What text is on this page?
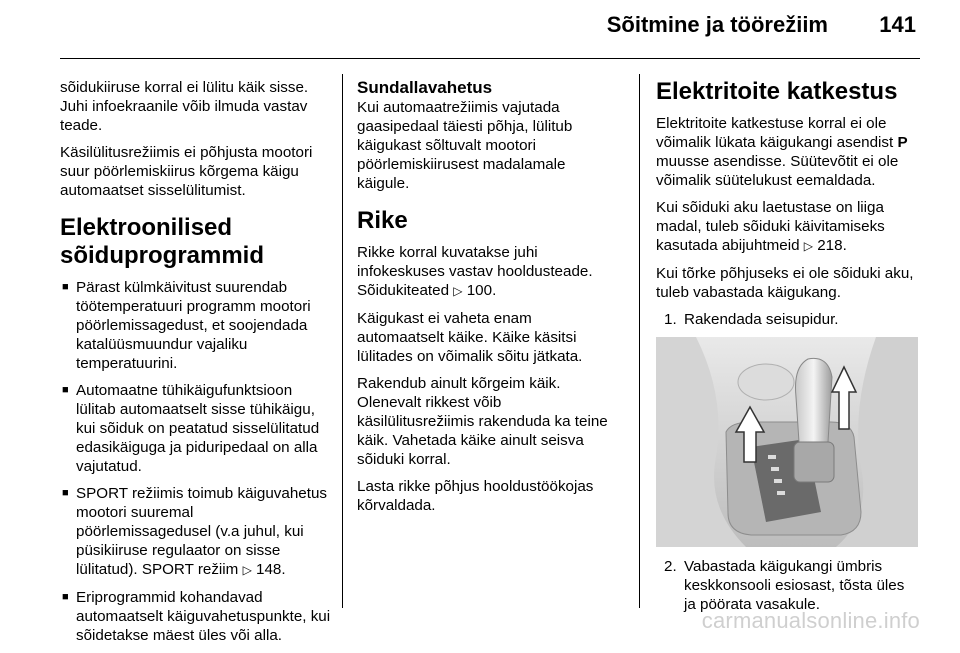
Sõitmine ja töörežiim 141

sõidukiiruse korral ei lülitu käik sisse. Juhi infoekraanile võib ilmuda vastav teade.

Käsilülitusrežiimis ei põhjusta mootori suur pöörlemiskiirus kõrgema käigu automaatset sisselülitumist.

Elektroonilised sõiduprogrammid
■ Pärast külmkäivitust suurendab töötemperatuuri programm mootori pöörlemissagedust, et soojendada katalüüsmuundur vajaliku temperatuurini.
■ Automaatne tühikäigufunktsioon lülitab automaatselt sisse tühikäigu, kui sõiduk on peatatud sisselülitatud edasikäiguga ja piduripedaal on alla vajutatud.
■ SPORT režiimis toimub käiguvahetus mootori suuremal pöörlemissagedusel (v.a juhul, kui püsikiiruse regulaator on sisse lülitatud). SPORT režiim ▷ 148.
■ Eriprogrammid kohandavad automaatselt käiguvahetuspunkte, kui sõidetakse mäest üles või alla.
Sundallavahetus

Kui automaatrežiimis vajutada gaasipedaal täiesti põhja, lülitub käigukast sõltuvalt mootori pöörlemiskiirusest madalamale käigule.

Rike

Rikke korral kuvatakse juhi infokeskuses vastav hooldusteade. Sõidukiteated ▷ 100.

Käigukast ei vaheta enam automaatselt käike. Käike käsitsi lülitades on võimalik sõitu jätkata.

Rakendub ainult kõrgeim käik. Olenevalt rikkest võib käsilülitusrežiimis rakenduda ka teine käik. Vahetada käike ainult seisva sõiduki korral.

Lasta rikke põhjus hooldustöökojas kõrvaldada.

Elektritoite katkestus

Elektritoite katkestuse korral ei ole võimalik lükata käigukangi asendist P muusse asendisse. Süütevõtit ei ole võimalik süütelukust eemaldada.

Kui sõiduki aku laetustase on liiga madal, tuleb sõiduki käivitamiseks kasutada abijuhtmeid ▷ 218.

Kui tõrke põhjuseks ei ole sõiduki aku, tuleb vabastada käigukang.

1. Rakendada seisupidur.
2. Vabastada käigukangi ümbris keskkonsooli esiosast, tõsta üles ja pöörata vasakule.
carmanualsonline.info
